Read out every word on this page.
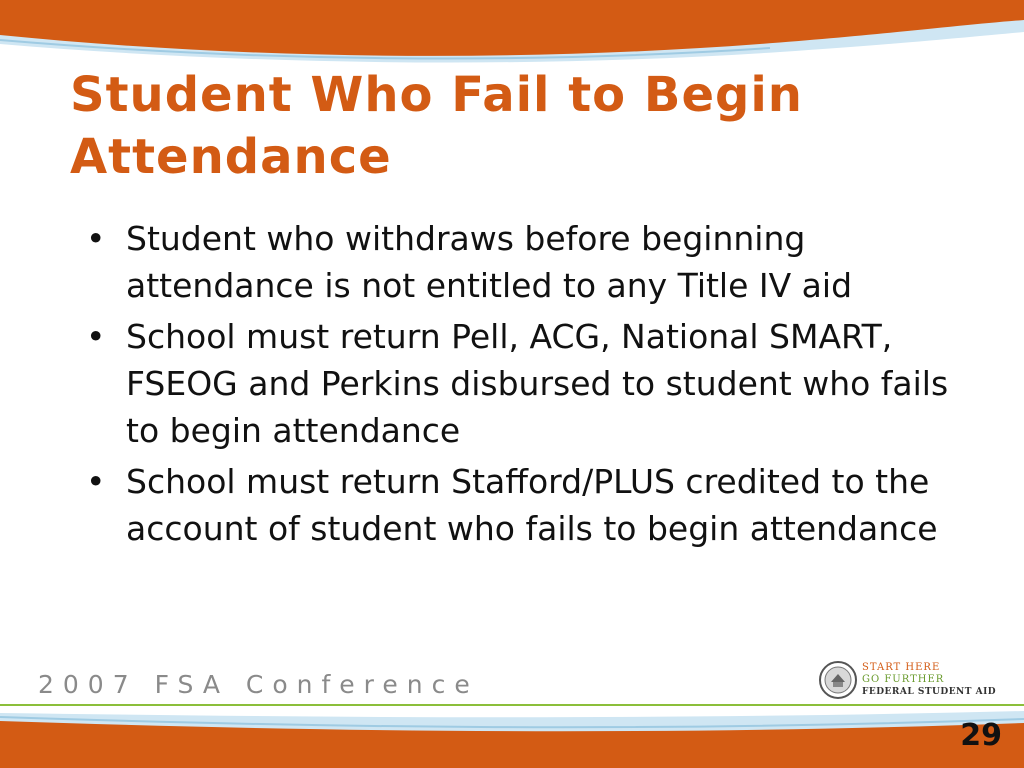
Student Who Fail to Begin Attendance
• Student who withdraws before beginning attendance is not entitled to any Title IV aid
• School must return Pell, ACG, National SMART, FSEOG and Perkins disbursed to student who fails to begin attendance
• School must return Stafford/PLUS credited to the account of student who fails to begin attendance
2007 FSA Conference
START HERE
GO FURTHER
FEDERAL STUDENT AID
29
